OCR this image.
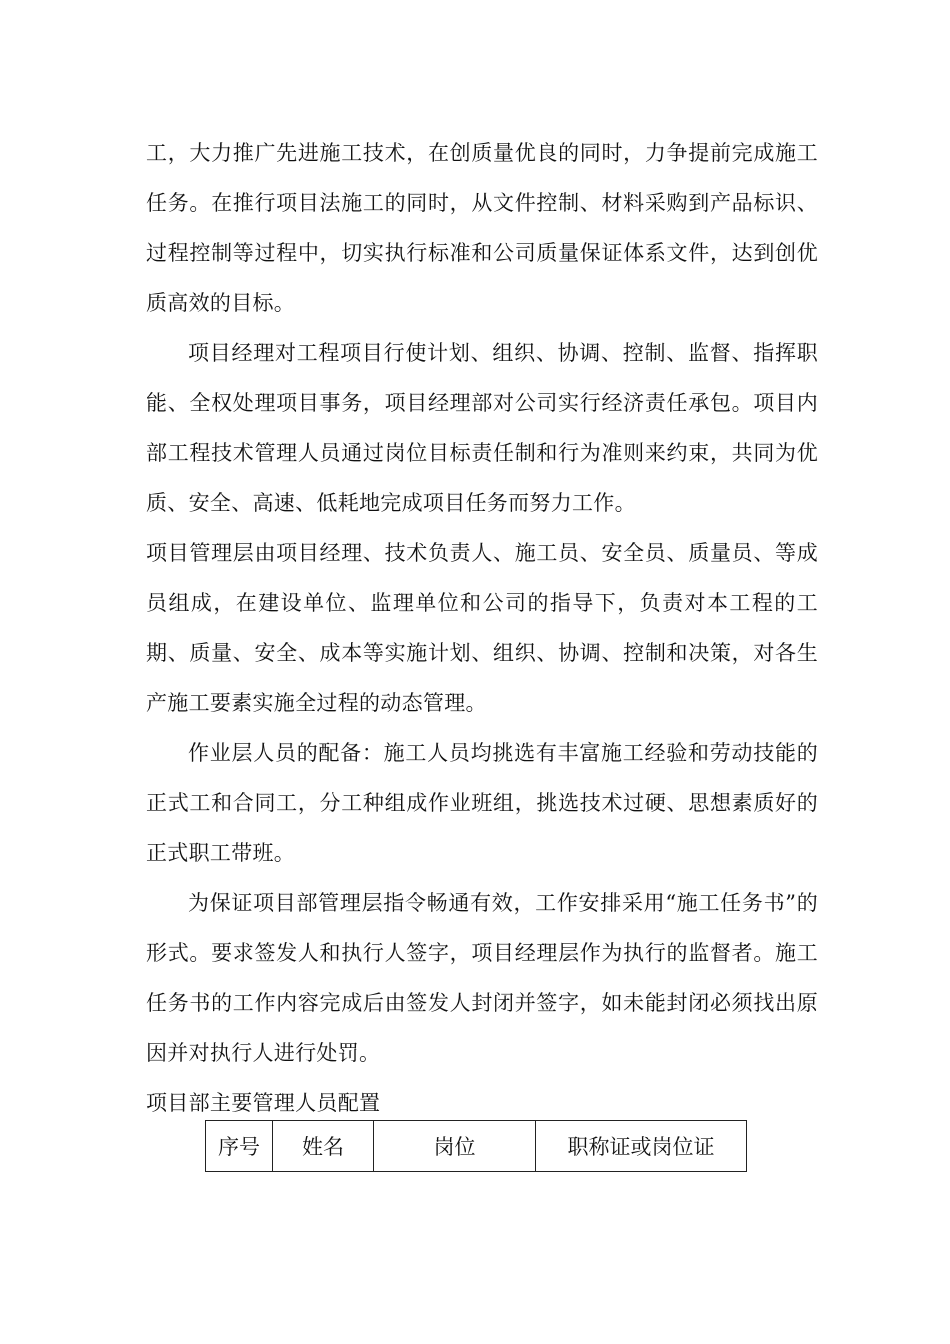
工，大力推广先进施工技术，在创质量优良的同时，力争提前完成施工任务。在推行项目法施工的同时，从文件控制、材料采购到产品标识、过程控制等过程中，切实执行标准和公司质量保证体系文件，达到创优质高效的目标。

项目经理对工程项目行使计划、组织、协调、控制、监督、指挥职能、全权处理项目事务，项目经理部对公司实行经济责任承包。项目内部工程技术管理人员通过岗位目标责任制和行为准则来约束，共同为优质、安全、高速、低耗地完成项目任务而努力工作。

项目管理层由项目经理、技术负责人、施工员、安全员、质量员、等成员组成，在建设单位、监理单位和公司的指导下，负责对本工程的工期、质量、安全、成本等实施计划、组织、协调、控制和决策，对各生产施工要素实施全过程的动态管理。

作业层人员的配备：施工人员均挑选有丰富施工经验和劳动技能的正式工和合同工，分工种组成作业班组，挑选技术过硬、思想素质好的正式职工带班。

为保证项目部管理层指令畅通有效，工作安排采用“施工任务书”的形式。要求签发人和执行人签字，项目经理层作为执行的监督者。施工任务书的工作内容完成后由签发人封闭并签字，如未能封闭必须找出原因并对执行人进行处罚。

项目部主要管理人员配置

序号	姓名	岗位	职称证或岗位证
